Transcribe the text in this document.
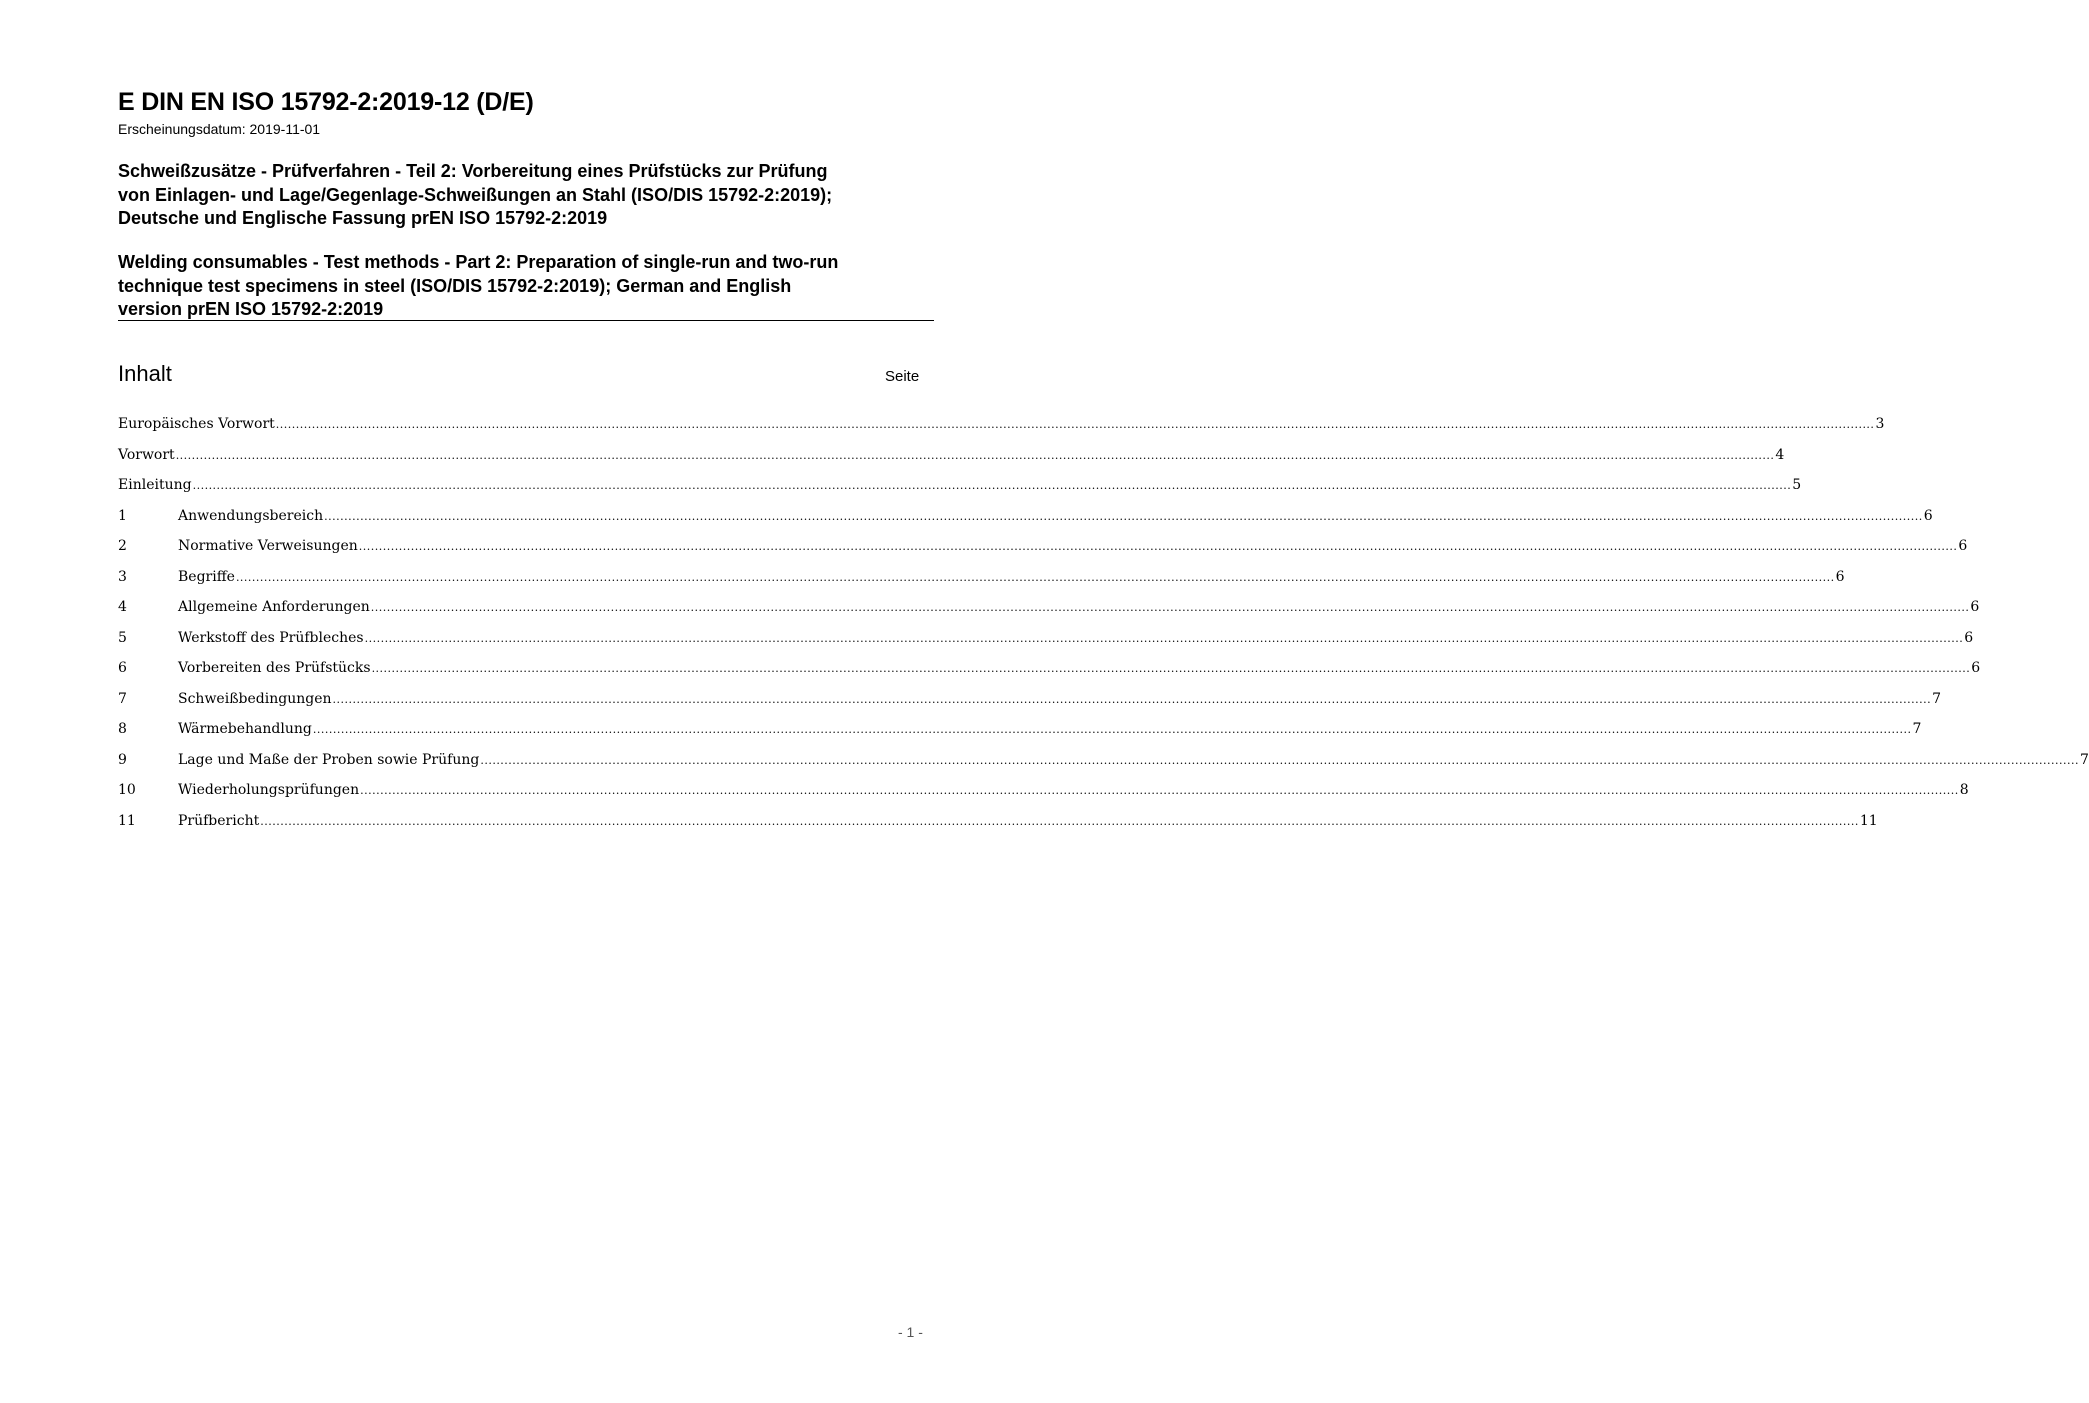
E DIN EN ISO 15792-2:2019-12 (D/E)
Erscheinungsdatum: 2019-11-01
Schweißzusätze - Prüfverfahren - Teil 2: Vorbereitung eines Prüfstücks zur Prüfung
von Einlagen- und Lage/Gegenlage-Schweißungen an Stahl (ISO/DIS 15792-2:2019);
Deutsche und Englische Fassung prEN ISO 15792-2:2019
Welding consumables - Test methods - Part 2: Preparation of single-run and two-run
technique test specimens in steel (ISO/DIS 15792-2:2019); German and English
version prEN ISO 15792-2:2019
Inhalt	Seite
Europäisches Vorwort ................................................................................................................................................................................................................................................................................................................................................................................................................ 3
Vorwort ................................................................................................................................................................................................................................................................................................................................................................................................................ 4
Einleitung ................................................................................................................................................................................................................................................................................................................................................................................................................ 5
1	Anwendungsbereich ................................................................................................................................................................................................................................................................................................................................................................................................................ 6
2	Normative Verweisungen ................................................................................................................................................................................................................................................................................................................................................................................................................ 6
3	Begriffe ................................................................................................................................................................................................................................................................................................................................................................................................................ 6
4	Allgemeine Anforderungen ................................................................................................................................................................................................................................................................................................................................................................................................................ 6
5	Werkstoff des Prüfbleches ................................................................................................................................................................................................................................................................................................................................................................................................................ 6
6	Vorbereiten des Prüfstücks ................................................................................................................................................................................................................................................................................................................................................................................................................ 6
7	Schweißbedingungen ................................................................................................................................................................................................................................................................................................................................................................................................................ 7
8	Wärmebehandlung ................................................................................................................................................................................................................................................................................................................................................................................................................ 7
9	Lage und Maße der Proben sowie Prüfung ................................................................................................................................................................................................................................................................................................................................................................................................................ 7
10	Wiederholungsprüfungen ................................................................................................................................................................................................................................................................................................................................................................................................................ 8
11	Prüfbericht ................................................................................................................................................................................................................................................................................................................................................................................................................ 11
- 1 -
